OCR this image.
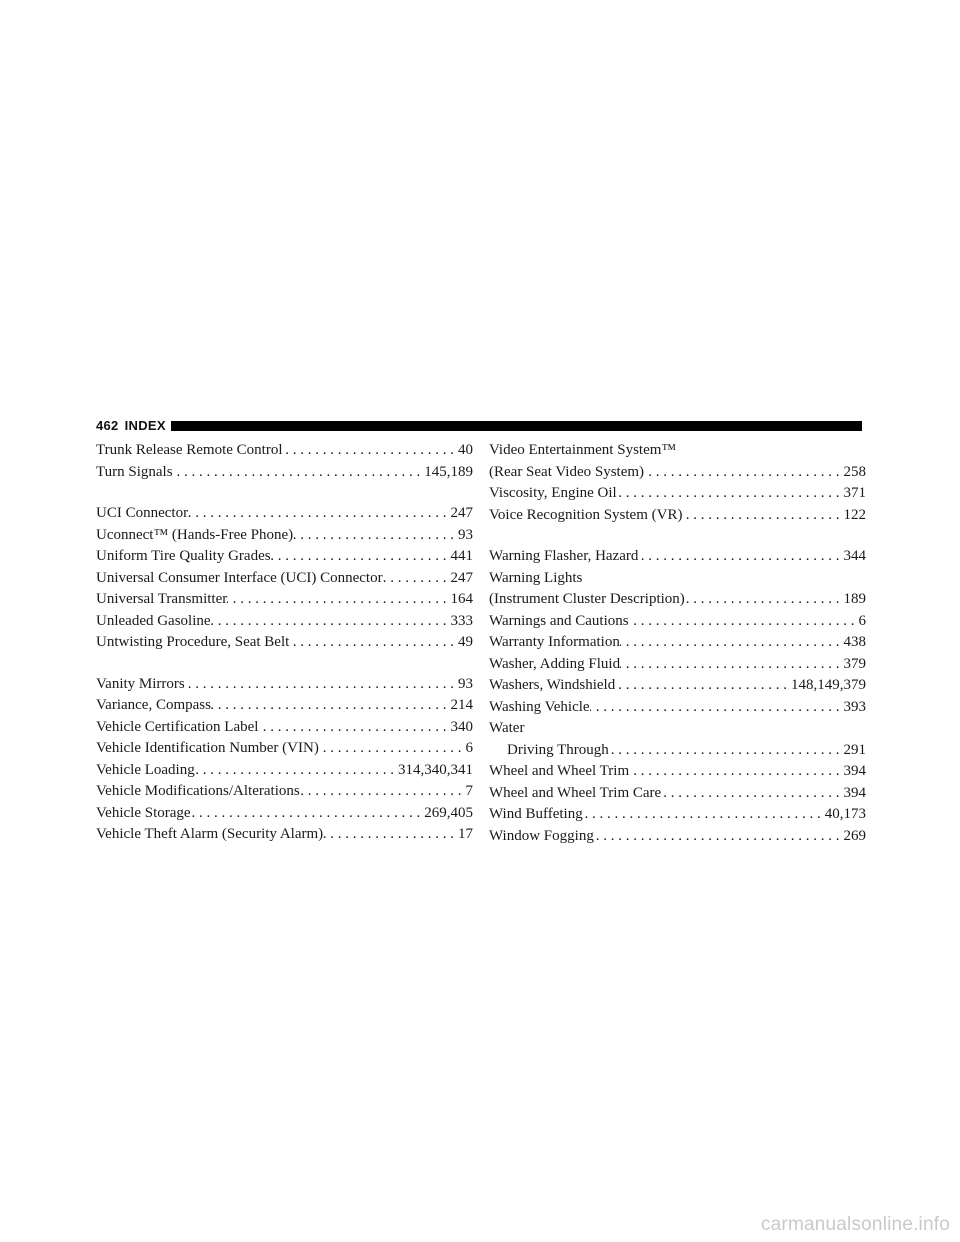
462 INDEX
Trunk Release Remote Control . . .	40
Turn Signals . . .	145,189
UCI Connector . . .	247
Uconnect™ (Hands-Free Phone) . . .	93
Uniform Tire Quality Grades . . .	441
Universal Consumer Interface (UCI) Connector . . .	247
Universal Transmitter . . .	164
Unleaded Gasoline . . .	333
Untwisting Procedure, Seat Belt . . .	49
Vanity Mirrors . . .	93
Variance, Compass . . .	214
Vehicle Certification Label . . .	340
Vehicle Identification Number (VIN) . . .	6
Vehicle Loading . . .	314,340,341
Vehicle Modifications/Alterations . . .	7
Vehicle Storage . . .	269,405
Vehicle Theft Alarm (Security Alarm) . . .	17
Video Entertainment System™
(Rear Seat Video System) . . .	258
Viscosity, Engine Oil . . .	371
Voice Recognition System (VR) . . .	122
Warning Flasher, Hazard . . .	344
Warning Lights
(Instrument Cluster Description) . . .	189
Warnings and Cautions . . .	6
Warranty Information . . .	438
Washer, Adding Fluid . . .	379
Washers, Windshield . . .	148,149,379
Washing Vehicle . . .	393
Water
Driving Through . . .	291
Wheel and Wheel Trim . . .	394
Wheel and Wheel Trim Care . . .	394
Wind Buffeting . . .	40,173
Window Fogging . . .	269
carmanualsonline.info
